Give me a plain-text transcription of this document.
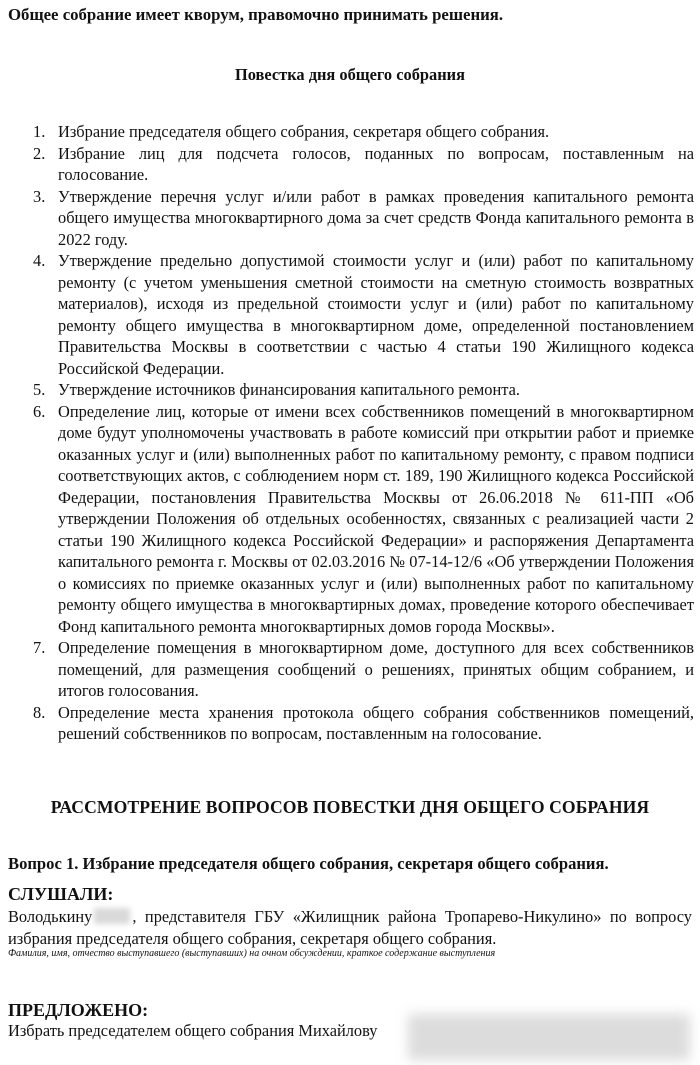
Общее собрание имеет кворум, правомочно принимать решения.
Повестка дня общего собрания
1. Избрание председателя общего собрания, секретаря общего собрания.
2. Избрание лиц для подсчета голосов, поданных по вопросам, поставленным на голосование.
3. Утверждение перечня услуг и/или работ в рамках проведения капитального ремонта общего имущества многоквартирного дома за счет средств Фонда капитального ремонта в 2022 году.
4. Утверждение предельно допустимой стоимости услуг и (или) работ по капитальному ремонту (с учетом уменьшения сметной стоимости на сметную стоимость возвратных материалов), исходя из предельной стоимости услуг и (или) работ по капитальному ремонту общего имущества в многоквартирном доме, определенной постановлением Правительства Москвы в соответствии с частью 4 статьи 190 Жилищного кодекса Российской Федерации.
5. Утверждение источников финансирования капитального ремонта.
6. Определение лиц, которые от имени всех собственников помещений в многоквартирном доме будут уполномочены участвовать в работе комиссий при открытии работ и приемке оказанных услуг и (или) выполненных работ по капитальному ремонту, с правом подписи соответствующих актов, с соблюдением норм ст. 189, 190 Жилищного кодекса Российской Федерации, постановления Правительства Москвы от 26.06.2018 № 611-ПП «Об утверждении Положения об отдельных особенностях, связанных с реализацией части 2 статьи 190 Жилищного кодекса Российской Федерации» и распоряжения Департамента капитального ремонта г. Москвы от 02.03.2016 № 07-14-12/6 «Об утверждении Положения о комиссиях по приемке оказанных услуг и (или) выполненных работ по капитальному ремонту общего имущества в многоквартирных домах, проведение которого обеспечивает Фонд капитального ремонта многоквартирных домов города Москвы».
7. Определение помещения в многоквартирном доме, доступного для всех собственников помещений, для размещения сообщений о решениях, принятых общим собранием, и итогов голосования.
8. Определение места хранения протокола общего собрания собственников помещений, решений собственников по вопросам, поставленным на голосование.
РАССМОТРЕНИЕ ВОПРОСОВ ПОВЕСТКИ ДНЯ ОБЩЕГО СОБРАНИЯ
Вопрос 1. Избрание председателя общего собрания, секретаря общего собрания.
СЛУШАЛИ:
Володькину , представителя ГБУ «Жилищник района Тропарево-Никулино» по вопросу избрания председателя общего собрания, секретаря общего собрания.
Фамилия, имя, отчество выступавшего (выступавших) на очном обсуждении, краткое содержание выступления
ПРЕДЛОЖЕНО:
Избрать председателем общего собрания Михайлову
